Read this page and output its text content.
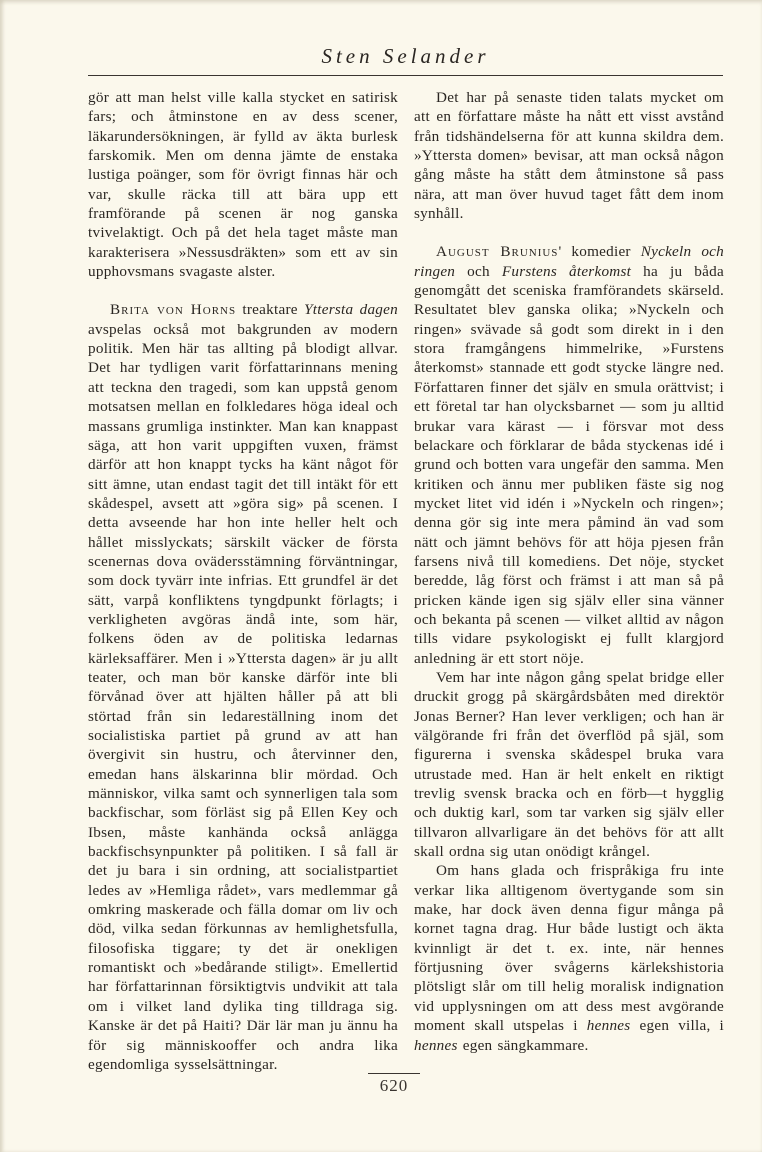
Sten Selander

gör att man helst ville kalla stycket en satirisk fars; och åtminstone en av dess scener, läkarundersökningen, är fylld av äkta burlesk farskomik. Men om denna jämte de enstaka lustiga poänger, som för övrigt finnas här och var, skulle räcka till att bära upp ett framförande på scenen är nog ganska tvivelaktigt. Och på det hela taget måste man karakterisera »Nessusdräkten» som ett av sin upphovsmans svagaste alster.

Brita von Horns treaktare Yttersta dagen avspelas också mot bakgrunden av modern politik. Men här tas allting på blodigt allvar. Det har tydligen varit författarinnans mening att teckna den tragedi, som kan uppstå genom motsatsen mellan en folkledares höga ideal och massans grumliga instinkter. Man kan knappast säga, att hon varit uppgiften vuxen, främst därför att hon knappt tycks ha känt något för sitt ämne, utan endast tagit det till intäkt för ett skådespel, avsett att »göra sig» på scenen. I detta avseende har hon inte heller helt och hållet misslyckats; särskilt väcker de första scenernas dova ovädersstämning förväntningar, som dock tyvärr inte infrias. Ett grundfel är det sätt, varpå konfliktens tyngdpunkt förlagts; i verkligheten avgöras ändå inte, som här, folkens öden av de politiska ledarnas kärleksaffärer. Men i »Yttersta dagen» är ju allt teater, och man bör kanske därför inte bli förvånad över att hjälten håller på att bli störtad från sin ledareställning inom det socialistiska partiet på grund av att han övergivit sin hustru, och återvinner den, emedan hans älskarinna blir mördad. Och människor, vilka samt och synnerligen tala som backfischar, som förläst sig på Ellen Key och Ibsen, måste kanhända också anlägga backfischsynpunkter på politiken. I så fall är det ju bara i sin ordning, att socialistpartiet ledes av »Hemliga rådet», vars medlemmar gå omkring maskerade och fälla domar om liv och död, vilka sedan förkunnas av hemlighetsfulla, filosofiska tiggare; ty det är onekligen romantiskt och »bedårande stiligt». Emellertid har författarinnan försiktigtvis undvikit att tala om i vilket land dylika ting tilldraga sig. Kanske är det på Haiti? Där lär man ju ännu ha för sig människooffer och andra lika egendomliga sysselsättningar.

Det har på senaste tiden talats mycket om att en författare måste ha nått ett visst avstånd från tidshändelserna för att kunna skildra dem. »Yttersta domen» bevisar, att man också någon gång måste ha stått dem åtminstone så pass nära, att man över huvud taget fått dem inom synhåll.

August Brunius' komedier Nyckeln och ringen och Furstens återkomst ha ju båda genomgått det sceniska framförandets skärseld. Resultatet blev ganska olika; »Nyckeln och ringen» svävade så godt som direkt in i den stora framgångens himmelrike, »Furstens återkomst» stannade ett godt stycke längre ned. Författaren finner det själv en smula orättvist; i ett företal tar han olycksbarnet — som ju alltid brukar vara kärast — i försvar mot dess belackare och förklarar de båda styckenas idé i grund och botten vara ungefär den samma. Men kritiken och ännu mer publiken fäste sig nog mycket litet vid idén i »Nyckeln och ringen»; denna gör sig inte mera påmind än vad som nätt och jämnt behövs för att höja pjesen från farsens nivå till komediens. Det nöje, stycket beredde, låg först och främst i att man så på pricken kände igen sig själv eller sina vänner och bekanta på scenen — vilket alltid av någon tills vidare psykologiskt ej fullt klargjord anledning är ett stort nöje.

Vem har inte någon gång spelat bridge eller druckit grogg på skärgårdsbåten med direktör Jonas Berner? Han lever verkligen; och han är välgörande fri från det överflöd på själ, som figurerna i svenska skådespel bruka vara utrustade med. Han är helt enkelt en riktigt trevlig svensk bracka och en förb—t hygglig och duktig karl, som tar varken sig själv eller tillvaron allvarligare än det behövs för att allt skall ordna sig utan onödigt krångel.

Om hans glada och frispråkiga fru inte verkar lika alltigenom övertygande som sin make, har dock även denna figur många på kornet tagna drag. Hur både lustigt och äkta kvinnligt är det t. ex. inte, när hennes förtjusning över svågerns kärlekshistoria plötsligt slår om till helig moralisk indignation vid upplysningen om att dess mest avgörande moment skall utspelas i hennes egen villa, i hennes egen sängkammare.

620
